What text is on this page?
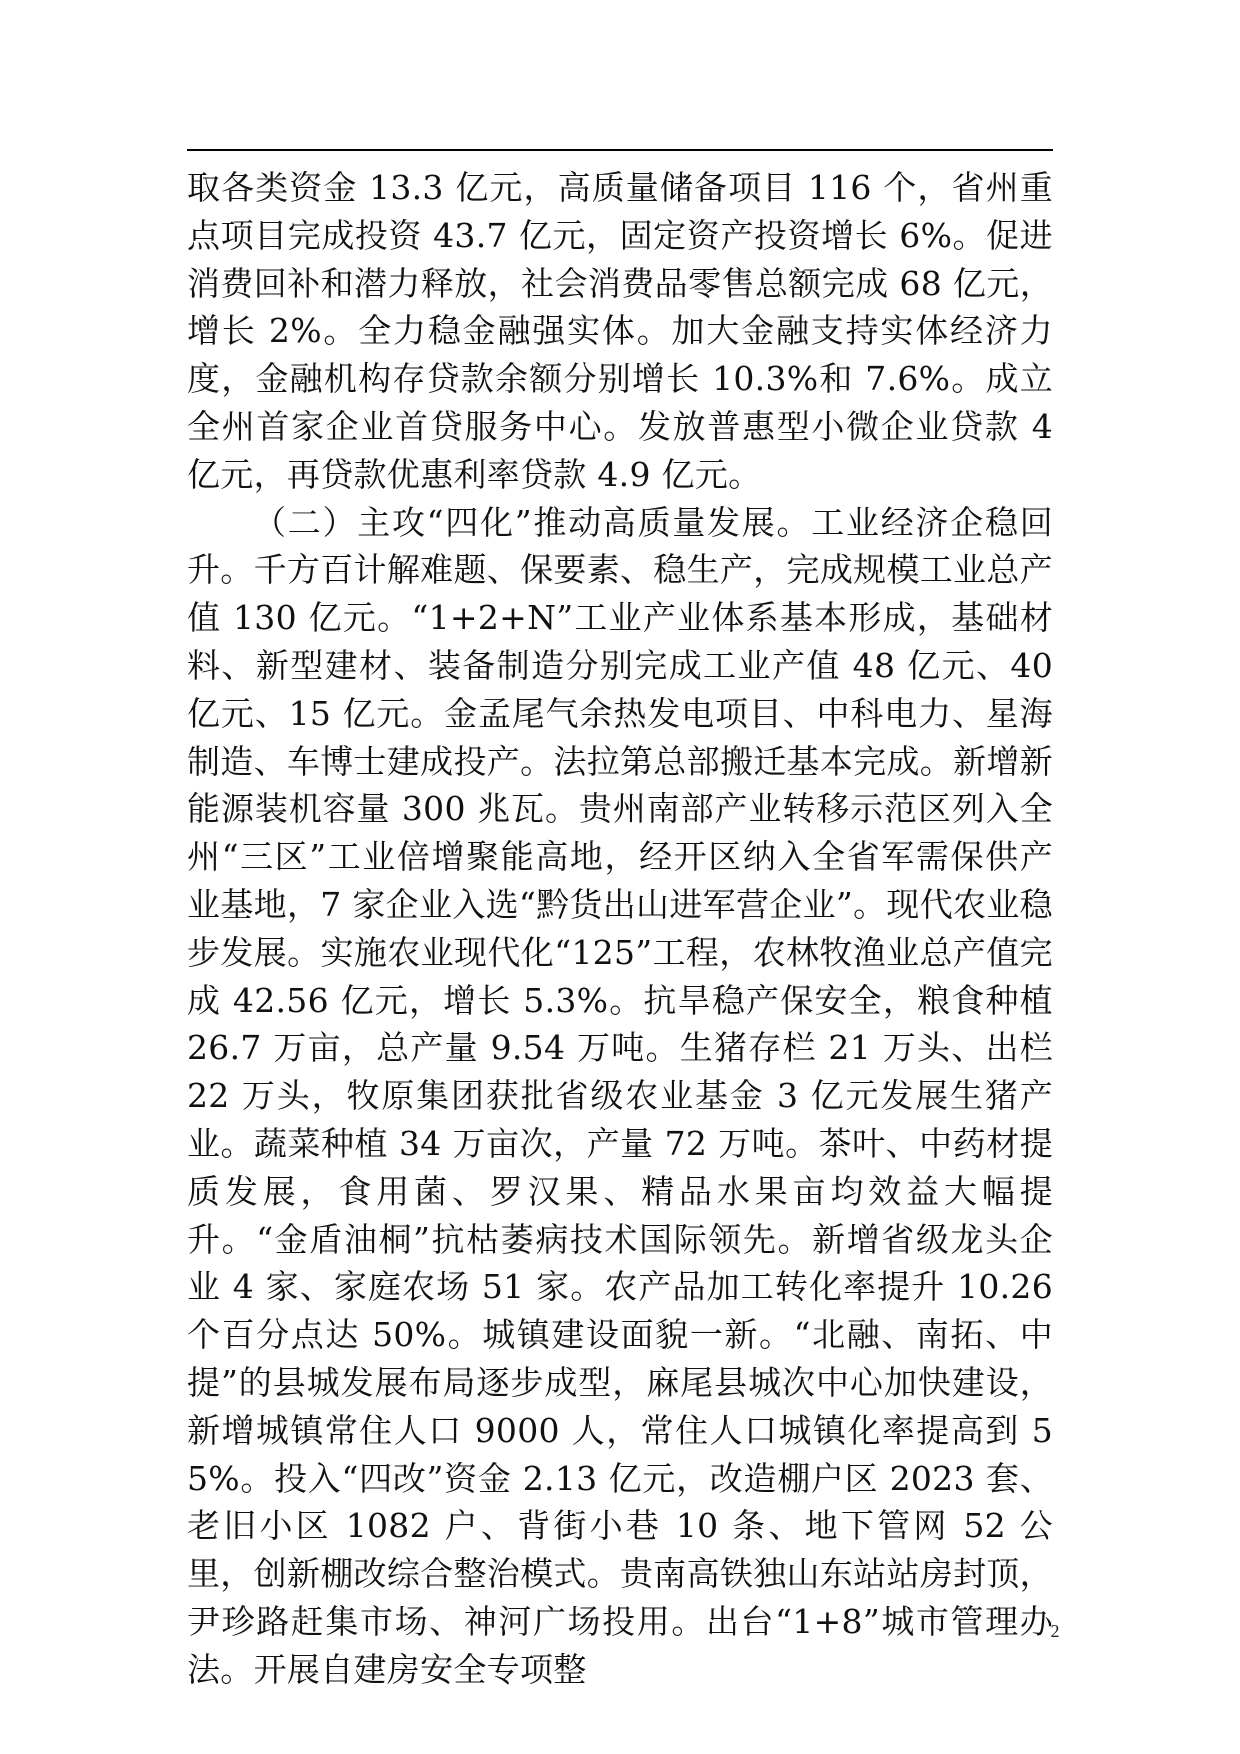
取各类资金 13.3 亿元，高质量储备项目 116 个，省州重点项目完成投资 43.7 亿元，固定资产投资增长 6%。促进消费回补和潜力释放，社会消费品零售总额完成 68 亿元，增长 2%。全力稳金融强实体。加大金融支持实体经济力度，金融机构存贷款余额分别增长 10.3%和 7.6%。成立全州首家企业首贷服务中心。发放普惠型小微企业贷款 4 亿元，再贷款优惠利率贷款 4.9 亿元。

（二）主攻“四化”推动高质量发展。工业经济企稳回升。千方百计解难题、保要素、稳生产，完成规模工业总产值 130 亿元。“1+2+N”工业产业体系基本形成，基础材料、新型建材、装备制造分别完成工业产值 48 亿元、40 亿元、15 亿元。金孟尾气余热发电项目、中科电力、星海制造、车博士建成投产。法拉第总部搬迁基本完成。新增新能源装机容量 300 兆瓦。贵州南部产业转移示范区列入全州“三区”工业倍增聚能高地，经开区纳入全省军需保供产业基地，7 家企业入选“黔货出山进军营企业”。现代农业稳步发展。实施农业现代化“125”工程，农林牧渔业总产值完成 42.56 亿元，增长 5.3%。抗旱稳产保安全，粮食种植 26.7 万亩，总产量 9.54 万吨。生猪存栏 21 万头、出栏 22 万头，牧原集团获批省级农业基金 3 亿元发展生猪产业。蔬菜种植 34 万亩次，产量 72 万吨。茶叶、中药材提质发展，食用菌、罗汉果、精品水果亩均效益大幅提升。“金盾油桐”抗枯萎病技术国际领先。新增省级龙头企业 4 家、家庭农场 51 家。农产品加工转化率提升 10.26 个百分点达 50%。城镇建设面貌一新。“北融、南拓、中提”的县城发展布局逐步成型，麻尾县城次中心加快建设，新增城镇常住人口 9000 人，常住人口城镇化率提高到 55%。投入“四改”资金 2.13 亿元，改造棚户区 2023 套、老旧小区 1082 户、背街小巷 10 条、地下管网 52 公里，创新棚改综合整治模式。贵南高铁独山东站站房封顶，尹珍路赶集市场、神河广场投用。出台“1+8”城市管理办法。开展自建房安全专项整

2
